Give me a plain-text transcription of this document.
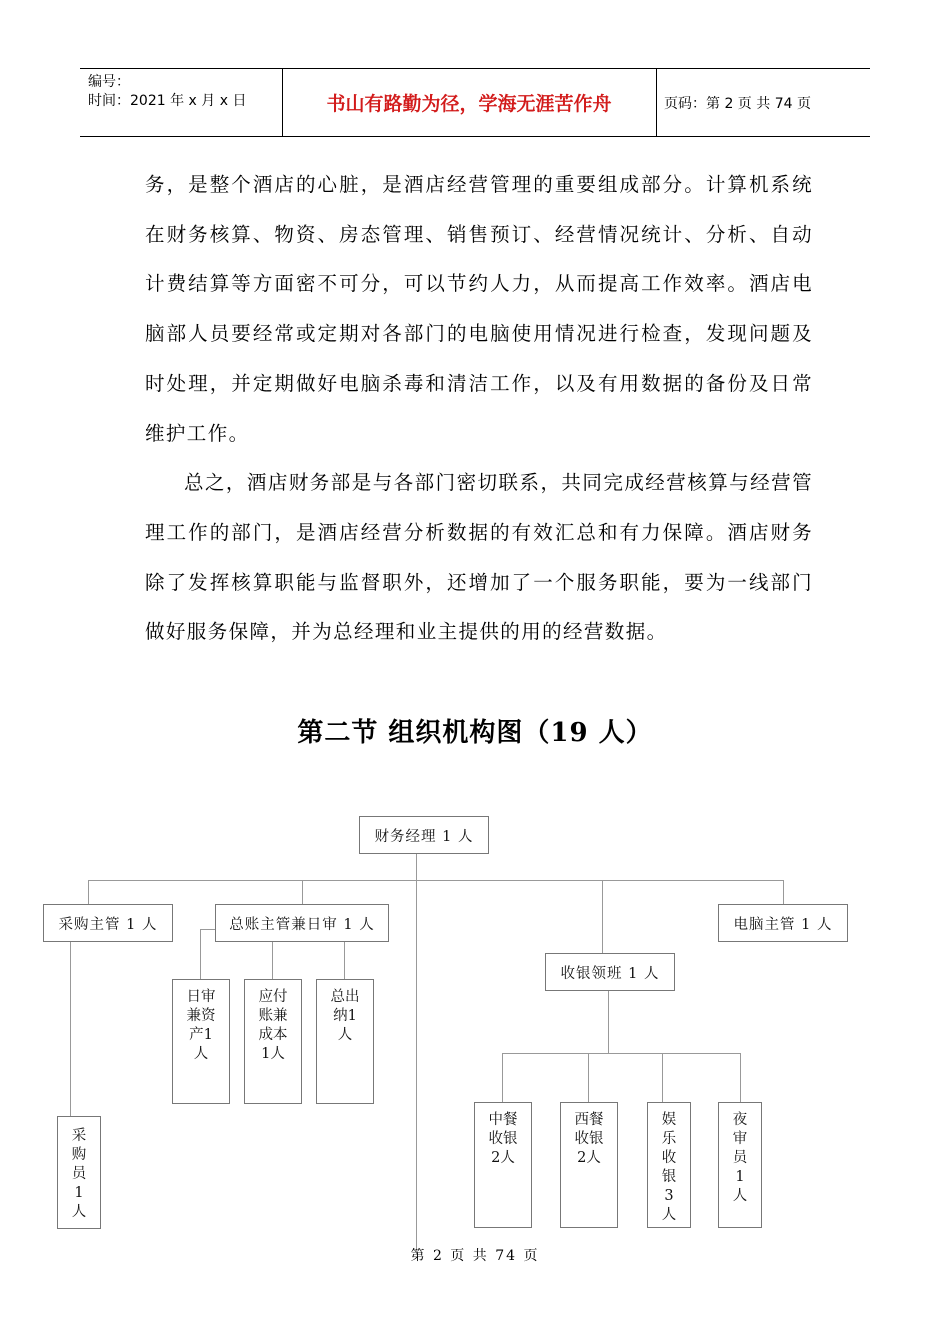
编号：
时间：2021 年 x 月 x 日	书山有路勤为径，学海无涯苦作舟	页码：第 2 页 共 74 页

务，是整个酒店的心脏，是酒店经营管理的重要组成部分。计算机系统在财务核算、物资、房态管理、销售预订、经营情况统计、分析、自动计费结算等方面密不可分，可以节约人力，从而提高工作效率。酒店电脑部人员要经常或定期对各部门的电脑使用情况进行检查，发现问题及时处理，并定期做好电脑杀毒和清洁工作，以及有用数据的备份及日常维护工作。

总之，酒店财务部是与各部门密切联系，共同完成经营核算与经营管理工作的部门，是酒店经营分析数据的有效汇总和有力保障。酒店财务除了发挥核算职能与监督职外，还增加了一个服务职能，要为一线部门做好服务保障，并为总经理和业主提供的用的经营数据。

第二节 组织机构图（19 人）
财务经理 1 人
采购主管 1 人	总账主管兼日审 1 人	电脑主管 1 人
收银领班 1 人
日审兼资产1人
应付账兼成本1人
总出纳1人
采购员1人
中餐收银2人
西餐收银2人
娱乐收银3人
夜审员1人
第 2 页 共 74 页
